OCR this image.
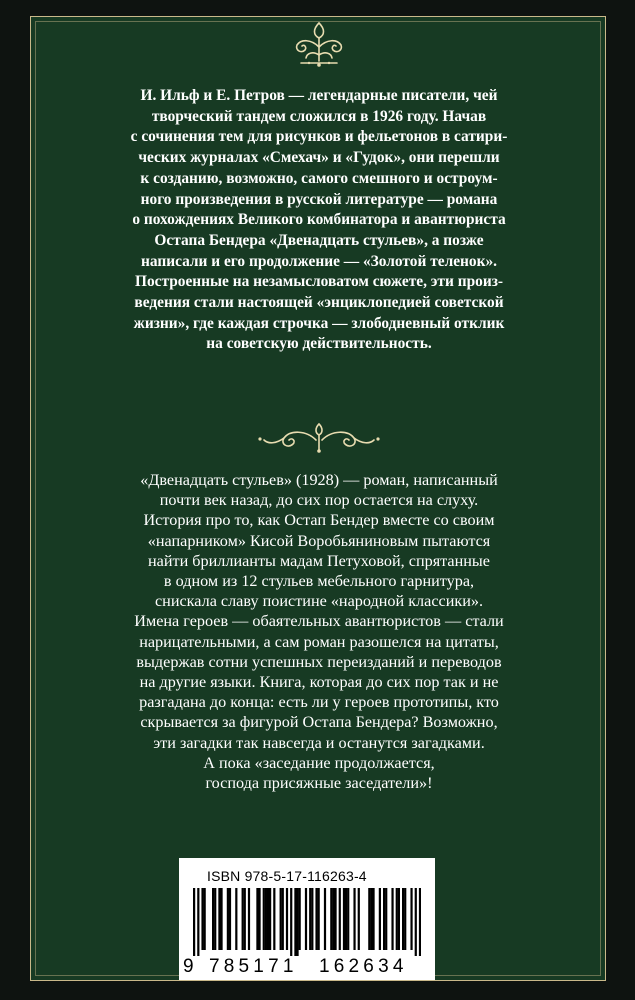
И. Ильф и Е. Петров — легендарные писатели, чей
творческий тандем сложился в 1926 году. Начав
с сочинения тем для рисунков и фельетонов в сатири-
ческих журналах «Смехач» и «Гудок», они перешли
к созданию, возможно, самого смешного и остроум-
ного произведения в русской литературе — романа
о похождениях Великого комбинатора и авантюриста
Остапа Бендера «Двенадцать стульев», а позже
написали и его продолжение — «Золотой теленок».
Построенные на незамысловатом сюжете, эти произ-
ведения стали настоящей «энциклопедией советской
жизни», где каждая строчка — злободневный отклик
на советскую действительность.
«Двенадцать стульев» (1928) — роман, написанный
почти век назад, до сих пор остается на слуху.
История про то, как Остап Бендер вместе со своим
«напарником» Кисой Воробьяниновым пытаются
найти бриллианты мадам Петуховой, спрятанные
в одном из 12 стульев мебельного гарнитура,
снискала славу поистине «народной классики».
Имена героев — обаятельных авантюристов — стали
нарицательными, а сам роман разошелся на цитаты,
выдержав сотни успешных переизданий и переводов
на другие языки. Книга, которая до сих пор так и не
разгадана до конца: есть ли у героев прототипы, кто
скрывается за фигурой Остапа Бендера? Возможно,
эти загадки так навсегда и останутся загадками.
А пока «заседание продолжается,
господа присяжные заседатели»!
ISBN 978-5-17-116263-4
9 785171 162634
